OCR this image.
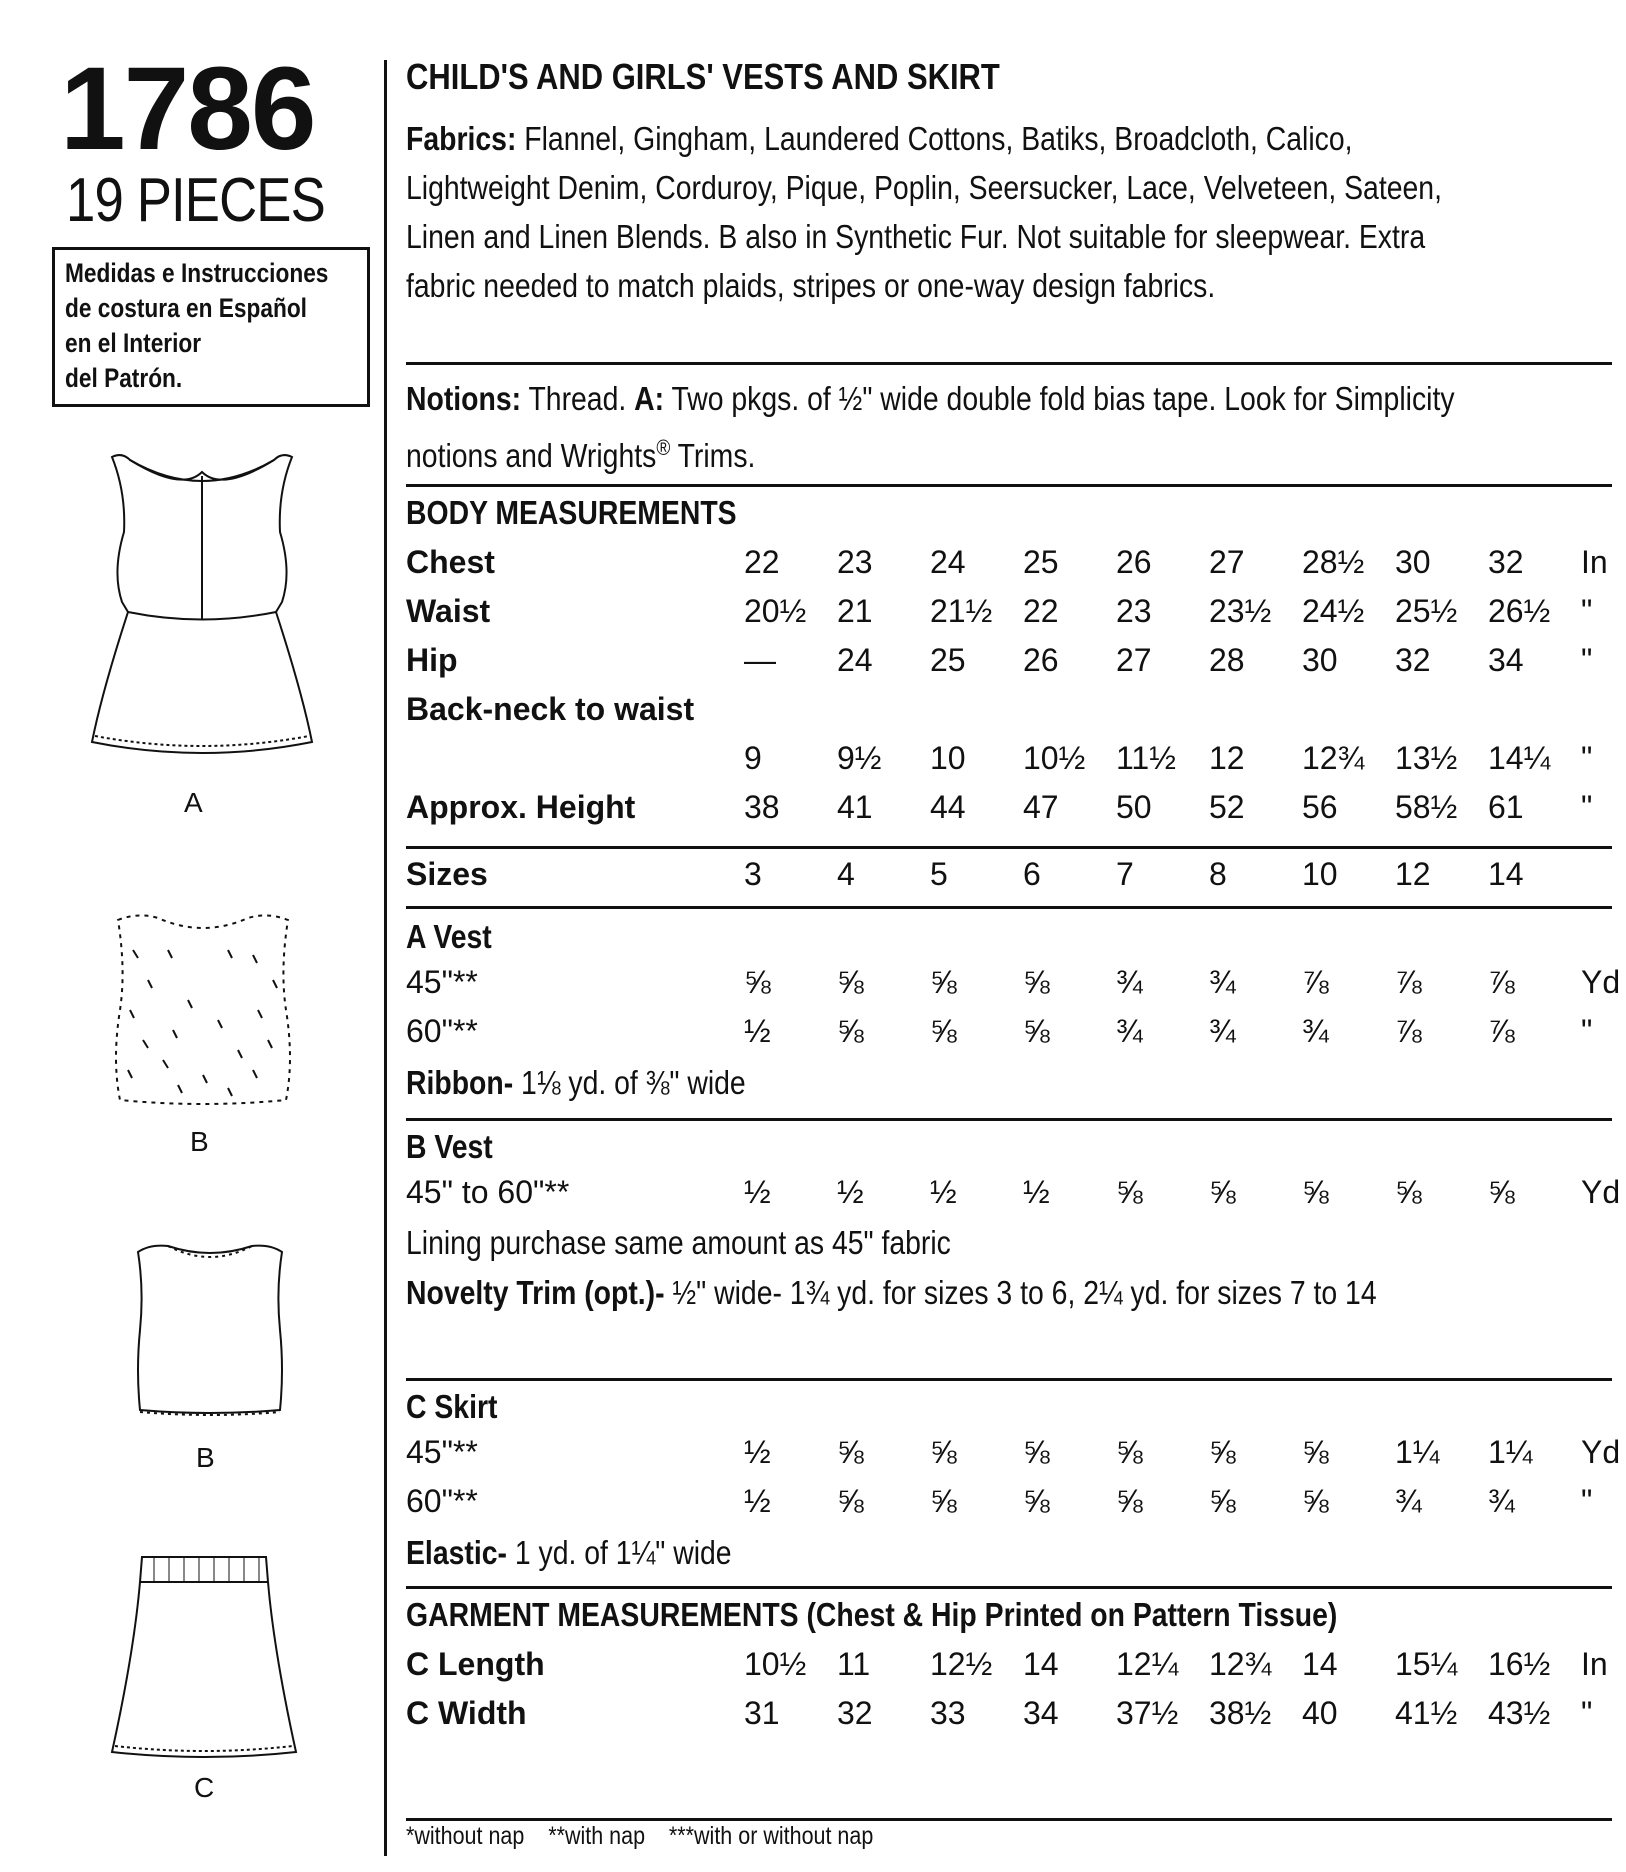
1786
19 PIECES
Medidas e Instrucciones
de costura en Español
en el Interior
del Patrón.
A
B
B
C
CHILD'S AND GIRLS' VESTS AND SKIRT
Fabrics: Flannel, Gingham, Laundered Cottons, Batiks, Broadcloth, Calico,
Lightweight Denim, Corduroy, Pique, Poplin, Seersucker, Lace, Velveteen, Sateen,
Linen and Linen Blends. B also in Synthetic Fur. Not suitable for sleepwear. Extra
fabric needed to match plaids, stripes or one-way design fabrics.
Notions: Thread. A: Two pkgs. of ½" wide double fold bias tape. Look for Simplicity
notions and Wrights® Trims.
BODY MEASUREMENTS
Chest	22	23	24	25	26	27	28½	30	32	In
Waist	20½	21	21½	22	23	23½	24½	25½	26½	"
Hip	—	24	25	26	27	28	30	32	34	"
Back-neck to waist										
	9	9½	10	10½	11½	12	12¾	13½	14¼	"
Approx. Height	38	41	44	47	50	52	56	58½	61	"
Sizes	3	4	5	6	7	8	10	12	14	
A Vest
45"**	⅝	⅝	⅝	⅝	¾	¾	⅞	⅞	⅞	Yd
60"**	½	⅝	⅝	⅝	¾	¾	¾	⅞	⅞	"
Ribbon- 1⅛ yd. of ⅜" wide
B Vest
45" to 60"**	½	½	½	½	⅝	⅝	⅝	⅝	⅝	Yd
Lining purchase same amount as 45" fabric
Novelty Trim (opt.)- ½" wide- 1¾ yd. for sizes 3 to 6, 2¼ yd. for sizes 7 to 14
C Skirt
45"**	½	⅝	⅝	⅝	⅝	⅝	⅝	1¼	1¼	Yd
60"**	½	⅝	⅝	⅝	⅝	⅝	⅝	¾	¾	"
Elastic- 1 yd. of 1¼" wide
GARMENT MEASUREMENTS (Chest & Hip Printed on Pattern Tissue)
C Length	10½	11	12½	14	12¼	12¾	14	15¼	16½	In
C Width	31	32	33	34	37½	38½	40	41½	43½	"
*without nap    **with nap    ***with or without nap
